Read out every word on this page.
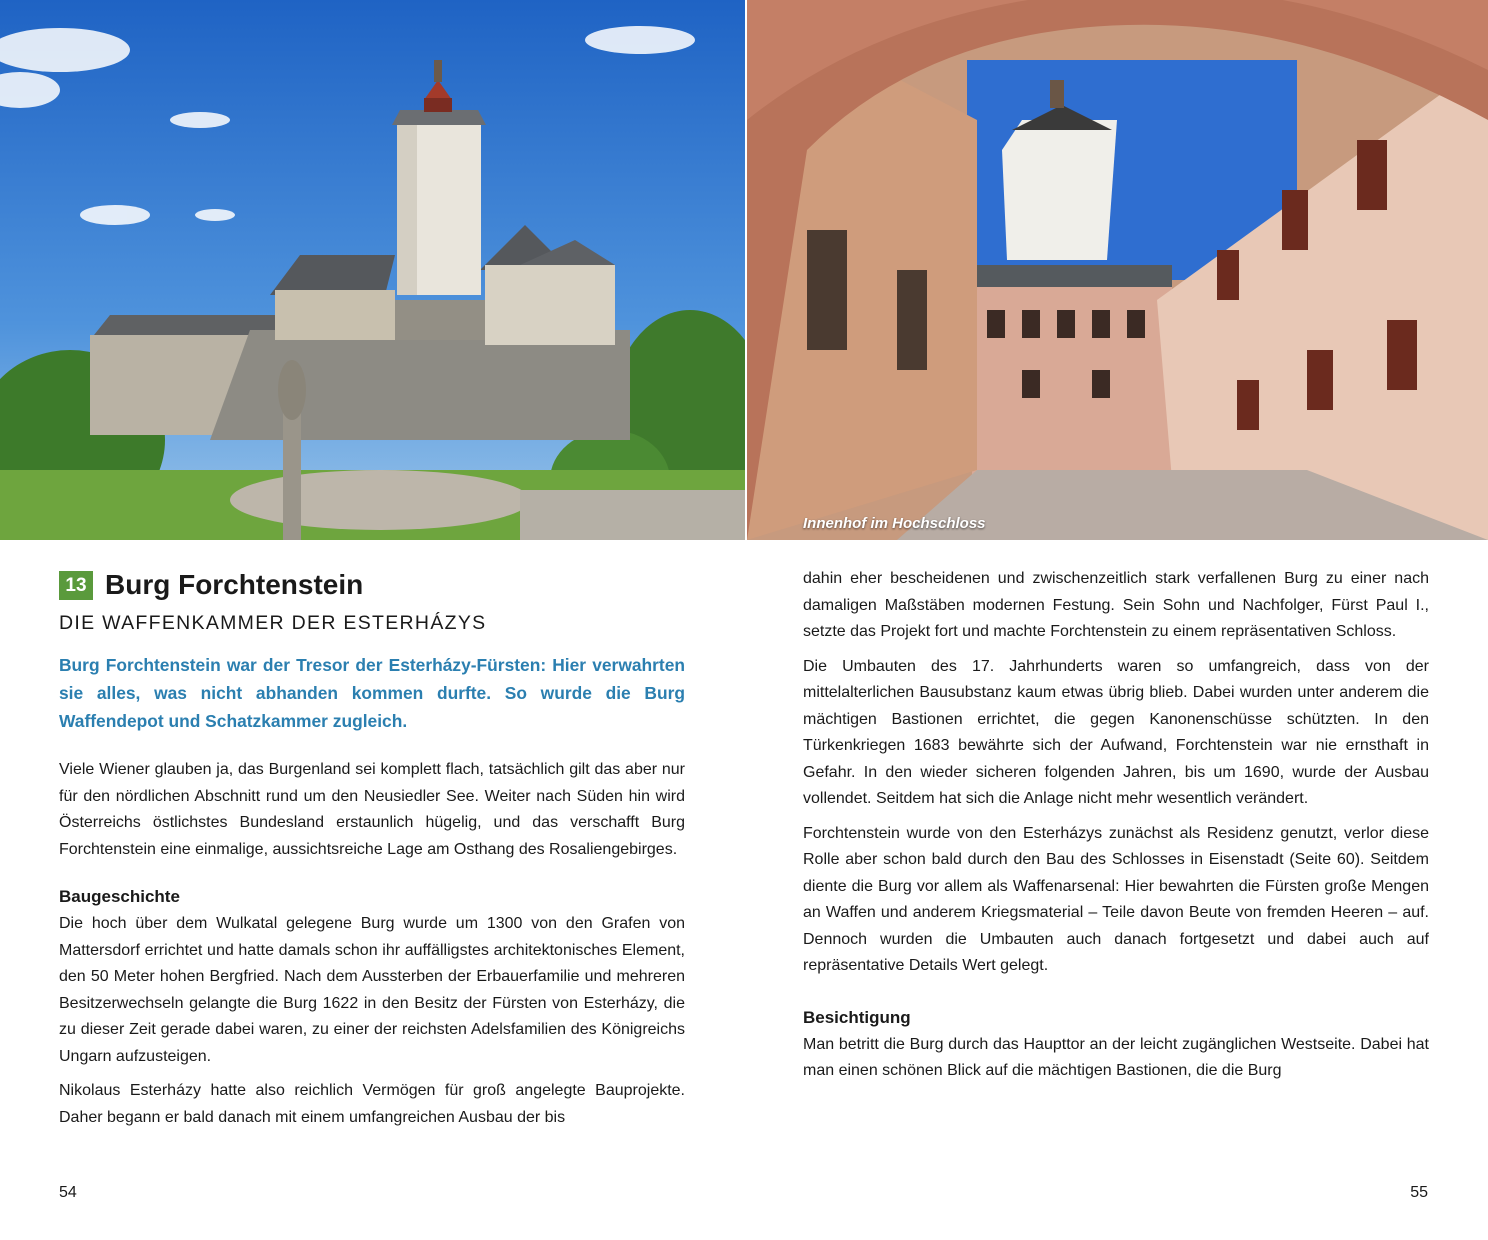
Innenhof im Hochschloss
13 Burg Forchtenstein
DIE WAFFENKAMMER DER ESTERHÁZYS
Burg Forchtenstein war der Tresor der Esterházy-Fürsten: Hier verwahrten sie alles, was nicht abhanden kommen durfte. So wurde die Burg Waffendepot und Schatzkammer zugleich.

Viele Wiener glauben ja, das Burgenland sei komplett flach, tatsächlich gilt das aber nur für den nördlichen Abschnitt rund um den Neusiedler See. Weiter nach Süden hin wird Österreichs östlichstes Bundesland erstaunlich hügelig, und das verschafft Burg Forchtenstein eine einmalige, aussichtsreiche Lage am Osthang des Rosaliengebirges.

Baugeschichte

Die hoch über dem Wulkatal gelegene Burg wurde um 1300 von den Grafen von Mattersdorf errichtet und hatte damals schon ihr auffälligstes architektonisches Element, den 50 Meter hohen Bergfried. Nach dem Aussterben der Erbauerfamilie und mehreren Besitzerwechseln gelangte die Burg 1622 in den Besitz der Fürsten von Esterházy, die zu dieser Zeit gerade dabei waren, zu einer der reichsten Adelsfamilien des Königreichs Ungarn aufzusteigen.

Nikolaus Esterházy hatte also reichlich Vermögen für groß angelegte Bauprojekte. Daher begann er bald danach mit einem umfangreichen Ausbau der bis

dahin eher bescheidenen und zwischenzeitlich stark verfallenen Burg zu einer nach damaligen Maßstäben modernen Festung. Sein Sohn und Nachfolger, Fürst Paul I., setzte das Projekt fort und machte Forchtenstein zu einem repräsentativen Schloss.

Die Umbauten des 17. Jahrhunderts waren so umfangreich, dass von der mittelalterlichen Bausubstanz kaum etwas übrig blieb. Dabei wurden unter anderem die mächtigen Bastionen errichtet, die gegen Kanonenschüsse schützten. In den Türkenkriegen 1683 bewährte sich der Aufwand, Forchtenstein war nie ernsthaft in Gefahr. In den wieder sicheren folgenden Jahren, bis um 1690, wurde der Ausbau vollendet. Seitdem hat sich die Anlage nicht mehr wesentlich verändert.

Forchtenstein wurde von den Esterházys zunächst als Residenz genutzt, verlor diese Rolle aber schon bald durch den Bau des Schlosses in Eisenstadt (Seite 60). Seitdem diente die Burg vor allem als Waffenarsenal: Hier bewahrten die Fürsten große Mengen an Waffen und anderem Kriegsmaterial – Teile davon Beute von fremden Heeren – auf. Dennoch wurden die Umbauten auch danach fortgesetzt und dabei auch auf repräsentative Details Wert gelegt.

Besichtigung

Man betritt die Burg durch das Haupttor an der leicht zugänglichen Westseite. Dabei hat man einen schönen Blick auf die mächtigen Bastionen, die die Burg

54	55
